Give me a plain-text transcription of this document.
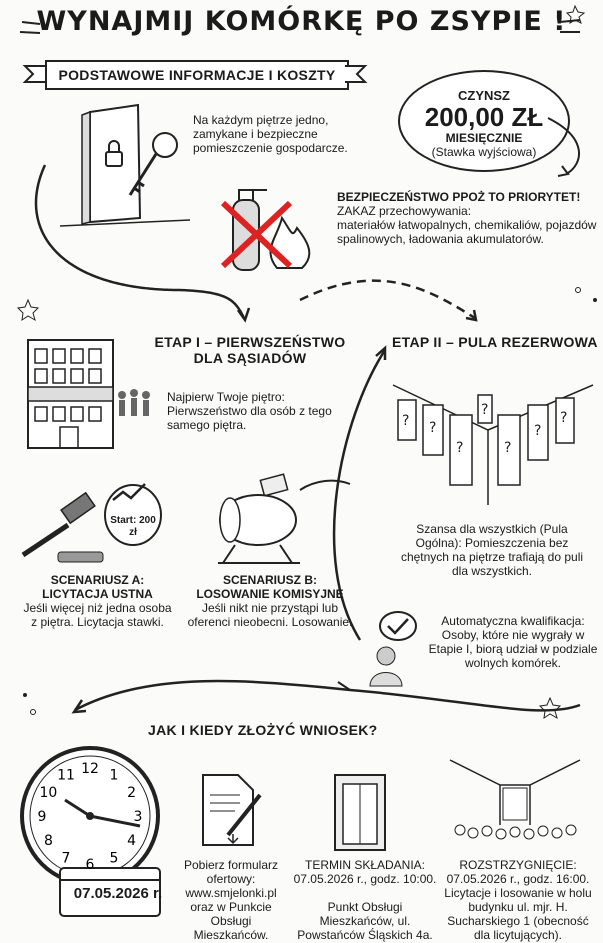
WYNAJMIJ KOMÓRKĘ PO ZSYPIE !
PODSTAWOWE INFORMACJE I KOSZTY
CZYNSZ
200,00 ZŁ
MIESIĘCZNIE
(Stawka wyjściowa)
Na każdym piętrze jedno, zamykane i bezpieczne pomieszczenie gospodarcze.
BEZPIECZEŃSTWO PPOŻ TO PRIORYTET!
ZAKAZ przechowywania:
materiałów łatwopalnych, chemikaliów, pojazdów spalinowych, ładowania akumulatorów.
ETAP I – PIERWSZEŃSTWO DLA SĄSIADÓW
Najpierw Twoje piętro: Pierwszeństwo dla osób z tego samego piętra.
Start: 200 zł
SCENARIUSZ A: LICYTACJA USTNA
Jeśli więcej niż jedna osoba z piętra. Licytacja stawki.
SCENARIUSZ B: LOSOWANIE KOMISYJNE
Jeśli nikt nie przystąpi lub oferenci nieobecni. Losowanie.
ETAP II – PULA REZERWOWA
? ?
?	?
?
?
?
Szansa dla wszystkich (Pula Ogólna): Pomieszczenia bez chętnych na piętrze trafiają do puli dla wszystkich.
Automatyczna kwalifikacja:
Osoby, które nie wygrały w Etapie I, biorą udział w podziale wolnych komórek.
JAK I KIEDY ZŁOŻYĆ WNIOSEK?
12 1
2
3
4
5
6
7
8
9
10
11
07.05.2026 r.
Pobierz formularz ofertowy: www.smjelonki.pl oraz w Punkcie Obsługi Mieszkańców.
TERMIN SKŁADANIA:
07.05.2026 r., godz. 10:00.
Punkt Obsługi Mieszkańców, ul. Powstańców Śląskich 4a.
ROZSTRZYGNIĘCIE:
07.05.2026 r., godz. 16:00. Licytacje i losowanie w holu budynku ul. mjr. H. Sucharskiego 1 (obecność dla licytujących).
